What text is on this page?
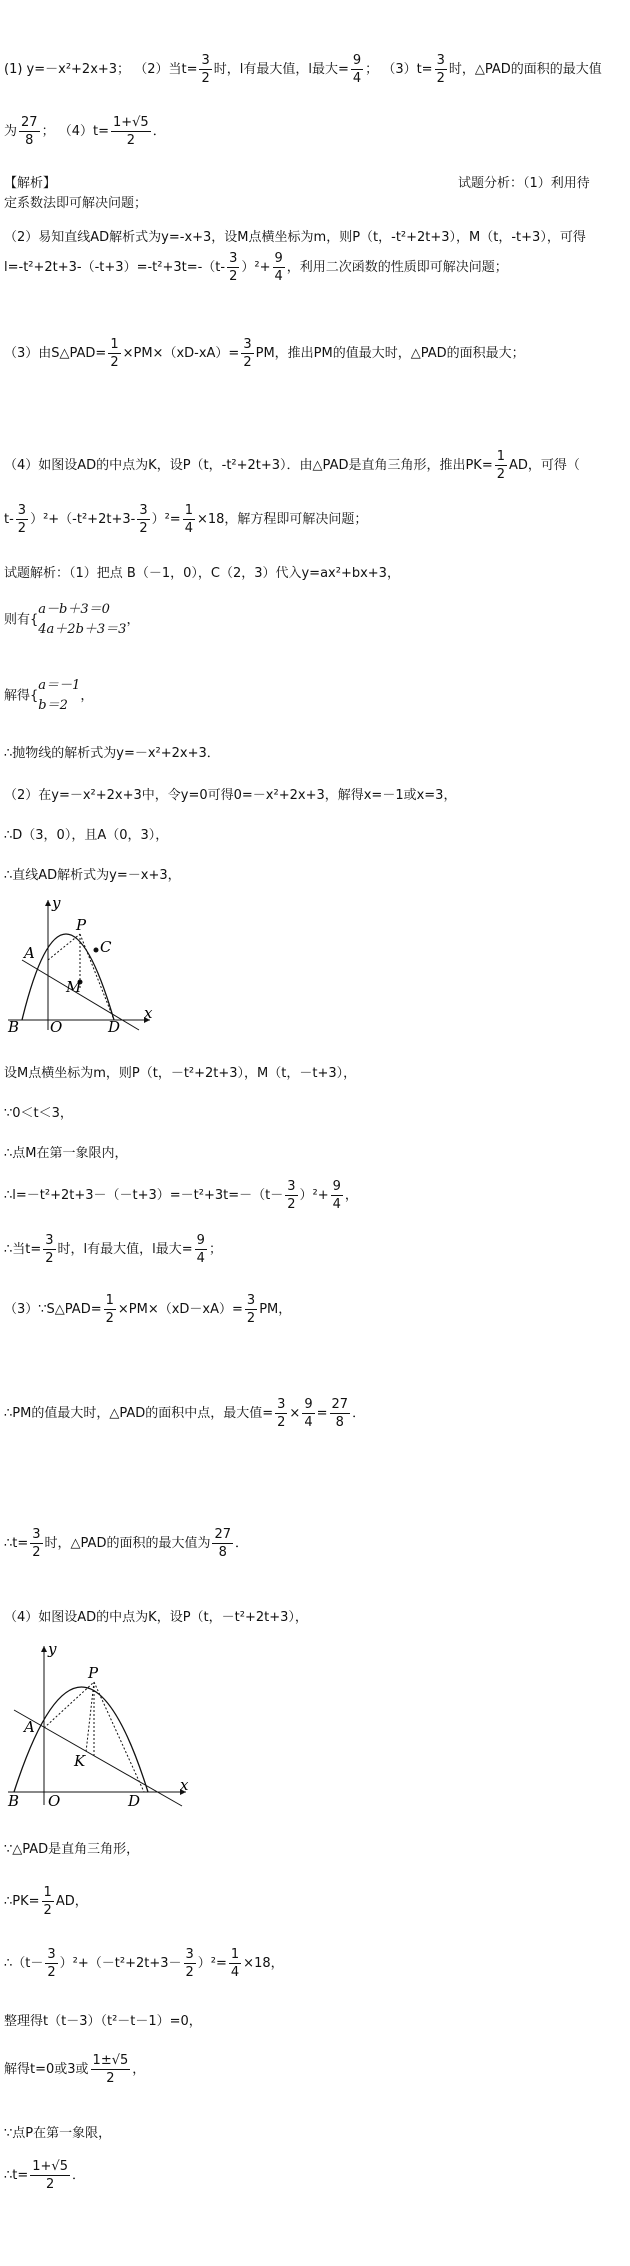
(1) y=－x²+2x+3； （2）当$t= \frac{3}{2}$ 时，l有最大值，l最大= $\frac{9}{4}$ ； $(3)t= \frac{3}{2}$ 时，△PAD的面积的最大值
为 $\frac{27}{8}$ ； $(4)t= \frac{1+√5}{2}$ ．
【解析】	试题分析：（1）利用待
定系数法即可解决问题；
（2）易知直线AD解析式为y=-x+3，设M点横坐标为m，则P（t，-t²+2t+3），M（t，-t+3），可得
$l=-t^2+2t+3-(-t+3)=-t^2+3t=-(t- \frac{3}{2} )^2+ \frac{9}{4}$ ，利用二次函数的性质即可解决问题；
（3）由S△PAD= $\frac{1}{2} \times PM\times(xD-xA)= \frac{3}{2}$ PM，推出PM的值最大时，△PAD的面积最大；
（4）如图设AD的中点为K，设P（t，-t²+2t+3）．由△PAD是直角三角形，推出$PK= \frac{1}{2}$ AD，可得（
$t- \frac{3}{2} )^2+(-t^2+2t+3- \frac{3}{2} )^2= \frac{1}{4} \times 18$，解方程即可解决问题；
试题解析：（1）把点 B（－1，0），C（2，3）代入y=ax²+bx+3，
则有{
a－b＋3＝0
4a＋2b＋3＝3
，
解得{
a＝－1
b＝2
，
∴抛物线的解析式为y=－x²+2x+3．
（2）在y=－x²+2x+3中，令y=0可得0=－x²+2x+3，解得x=－1或x=3，
∴D（3，0），且A（0，3），
∴直线AD解析式为y=－x+3，
y
x
P
C
A
M
B O	D
设M点横坐标为m，则P（t，－t²+2t+3），M（t，－t+3），
∵0＜t＜3，
∴点M在第一象限内，
∴l=－t²+2t+3－（－t+3）=－t²+3t=－（t－ $\frac{3}{2} )^2+ \frac{9}{4}$ ，
∴当$t= \frac{3}{2}$ 时，l有最大值，l最大= $\frac{9}{4}$ ；
（3）∵S△PAD= $\frac{1}{2} \times PM\times(xD-xA)= \frac{3}{2}$ PM，
∴PM的值最大时，△PAD的面积中点，最大值= $\frac{3}{2} \times \frac{9}{4} = \frac{27}{8}$ ．
∴t= $\frac{3}{2}$ 时，△PAD的面积的最大值为 $\frac{27}{8}$ ．
（4）如图设AD的中点为K，设P（t，－t²+2t+3），
y
x
P
A
K
B O	D
∵△PAD是直角三角形，
∴PK= $\frac{1}{2}$ AD，
∴（t－ $\frac{3}{2} )^2+(-t^2+2t+3- \frac{3}{2} )^2= \frac{1}{4} \times 18$，
整理得t（t－3）（t²－t－1）=0，
解得t=0或3或 $\frac{1\pm√5}{2}$ ，
∵点P在第一象限，
∴t= $\frac{1+√5}{2}$ ．
